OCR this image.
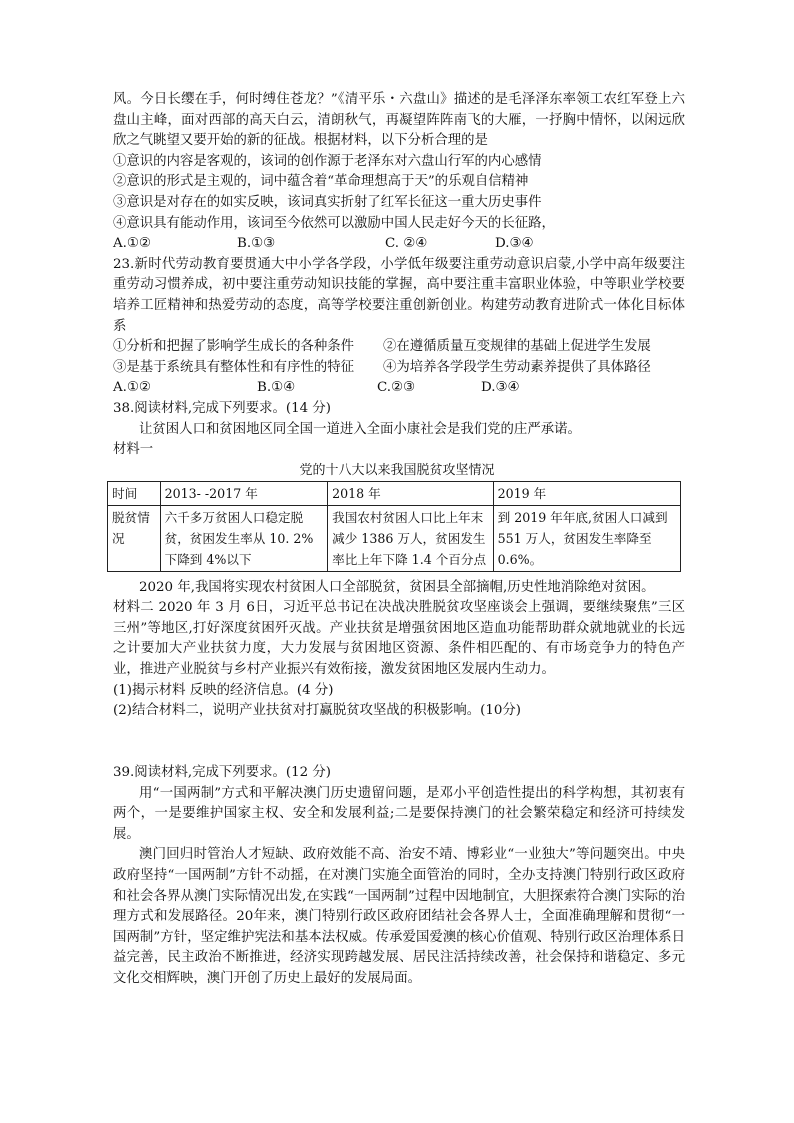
风。今日长缨在手，何时缚住苍龙？”《清平乐・六盘山》描述的是毛泽泽东率领工农红军登上六盘山主峰，面对西部的高天白云，清朗秋气，再凝望阵阵南飞的大雁，一抒胸中情怀，以闲远欣欣之气眺望又要开始的新的征战。根据材料，以下分析合理的是

①意识的内容是客观的，该词的创作源于老泽东对六盘山行军的内心感情

②意识的形式是主观的，词中蕴含着“革命理想高于天”的乐观自信精神

③意识是对存在的如实反映，该词真实折射了红军长征这一重大历史事件

④意识具有能动作用，该词至今依然可以激励中国人民走好今天的长征路，

A.①②	B.①③	C. ②④	D.③④

23.新时代劳动教育要贯通大中小学各学段，小学低年级要注重劳动意识启蒙,小学中高年级要注重劳动习惯养成，初中要注重劳动知识技能的掌握，高中要注重丰富职业体验，中等职业学校要培养工匠精神和热爱劳动的态度，高等学校要注重创新创业。构建劳动教育进阶式一体化目标体系

①分析和把握了影响学生成长的各种条件 ②在遵循质量互变规律的基础上促进学生发展

③是基于系统具有整体性和有序性的特征 ④为培养各学段学生劳动素养提供了具体路径

A.①②	B.①④	C.②③	D.③④

38.阅读材料,完成下列要求。(14 分)

让贫困人口和贫困地区同全国一道进入全面小康社会是我们党的庄严承诺。

材料一

党的十八大以来我国脱贫攻坚情况
时间	2013- -2017 年	2018 年	2019 年
脱贫情况	六千多万贫困人口稳定脱贫，贫困发生率从 10. 2%下降到 4%以下	我国农村贫困人口比上年末减少 1386 万人，贫困发生率比上年下降 1.4 个百分点	到 2019 年年底,贫困人口减到 551 万人，贫困发生率降至 0.6%。

2020 年,我国将实现农村贫困人口全部脱贫，贫困县全部摘帽,历史性地消除绝对贫困。

材料二 2020 年 3 月 6日，习近平总书记在决战决胜脱贫攻坚座谈会上强调，要继续聚焦”三区三州”等地区,打好深度贫困歼灭战。产业扶贫是增强贫困地区造血功能帮助群众就地就业的长远之计要加大产业扶贫力度，大力发展与贫困地区资源、条件相匹配的、有市场竞争力的特色产业，推进产业脱贫与乡村产业振兴有效衔接，激发贫困地区发展内生动力。

(1)揭示材料 反映的经济信息。(4 分)

(2)结合材料二，说明产业扶贫对打赢脱贫攻坚战的积极影响。(10分)

39.阅读材料,完成下列要求。(12 分)

用“一国两制”方式和平解决澳门历史遗留问题，是邓小平创造性提出的科学构想，其初衷有两个，一是要维护国家主权、安全和发展利益;二是要保持澳门的社会繁荣稳定和经济可持续发展。

澳门回归时管治人才短缺、政府效能不高、治安不靖、博彩业“一业独大”等问题突出。中央政府坚持“一国两制”方针不动摇，在对澳门实施全面管治的同时，全办支持澳门特别行政区政府和社会各界从澳门实际情况出发,在实践“一国两制”过程中因地制宜，大胆探索符合澳门实际的治理方式和发展路径。20年来，澳门特别行政区政府团结社会各界人士，全面准确理解和贯彻“一国两制”方针，坚定维护宪法和基本法权威。传承爱国爱澳的核心价值观、特别行政区治理体系日益完善，民主政治不断推进，经济实现跨越发展、居民注活持续改善，社会保持和谐稳定、多元文化交相辉映，澳门开创了历史上最好的发展局面。
